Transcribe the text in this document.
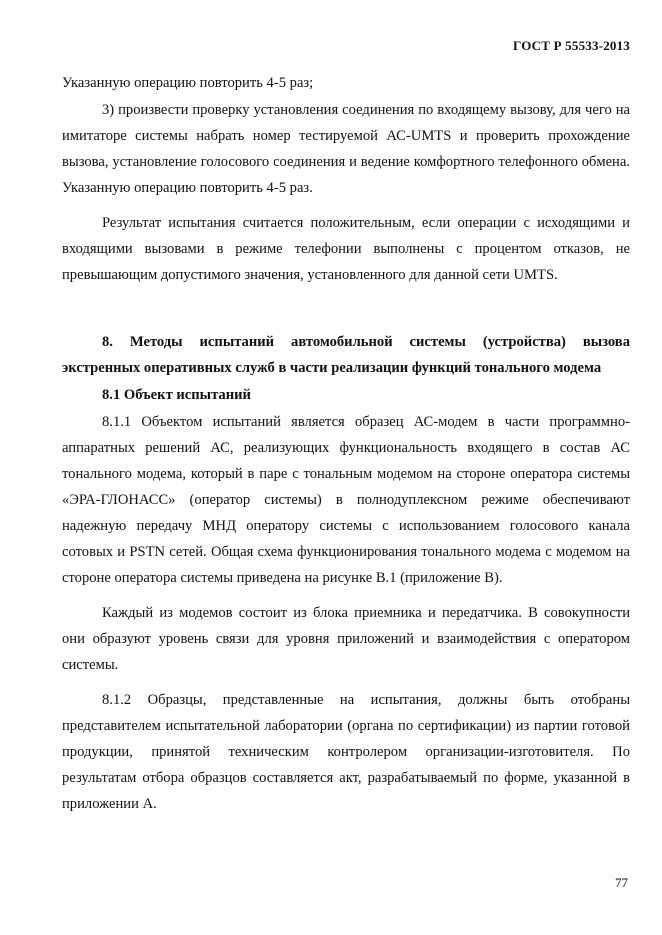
ГОСТ Р 55533-2013

Указанную операцию повторить 4-5 раз;

3) произвести проверку установления соединения по входящему вызову, для чего на имитаторе системы набрать номер тестируемой АС-UMTS и проверить прохождение вызова, установление голосового соединения и ведение комфортного телефонного обмена. Указанную операцию повторить 4-5 раз.

Результат испытания считается положительным, если операции с исходящими и входящими вызовами в режиме телефонии выполнены с процентом отказов, не превышающим допустимого значения, установленного для данной сети UMTS.

8. Методы испытаний автомобильной системы (устройства) вызова экстренных оперативных служб в части реализации функций тонального модема

8.1 Объект испытаний

8.1.1 Объектом испытаний является образец АС-модем в части программно-аппаратных решений АС, реализующих функциональность входящего в состав АС тонального модема, который в паре с тональным модемом на стороне оператора системы «ЭРА-ГЛОНАСС» (оператор системы) в полнодуплексном режиме обеспечивают надежную передачу МНД оператору системы с использованием голосового канала сотовых и PSTN сетей. Общая схема функционирования тонального модема с модемом на стороне оператора системы приведена на рисунке В.1 (приложение В).

Каждый из модемов состоит из блока приемника и передатчика. В совокупности они образуют уровень связи для уровня приложений и взаимодействия с оператором системы.

8.1.2 Образцы, представленные на испытания, должны быть отобраны представителем испытательной лаборатории (органа по сертификации) из партии готовой продукции, принятой техническим контролером организации-изготовителя. По результатам отбора образцов составляется акт, разрабатываемый по форме, указанной в приложении А.

77
